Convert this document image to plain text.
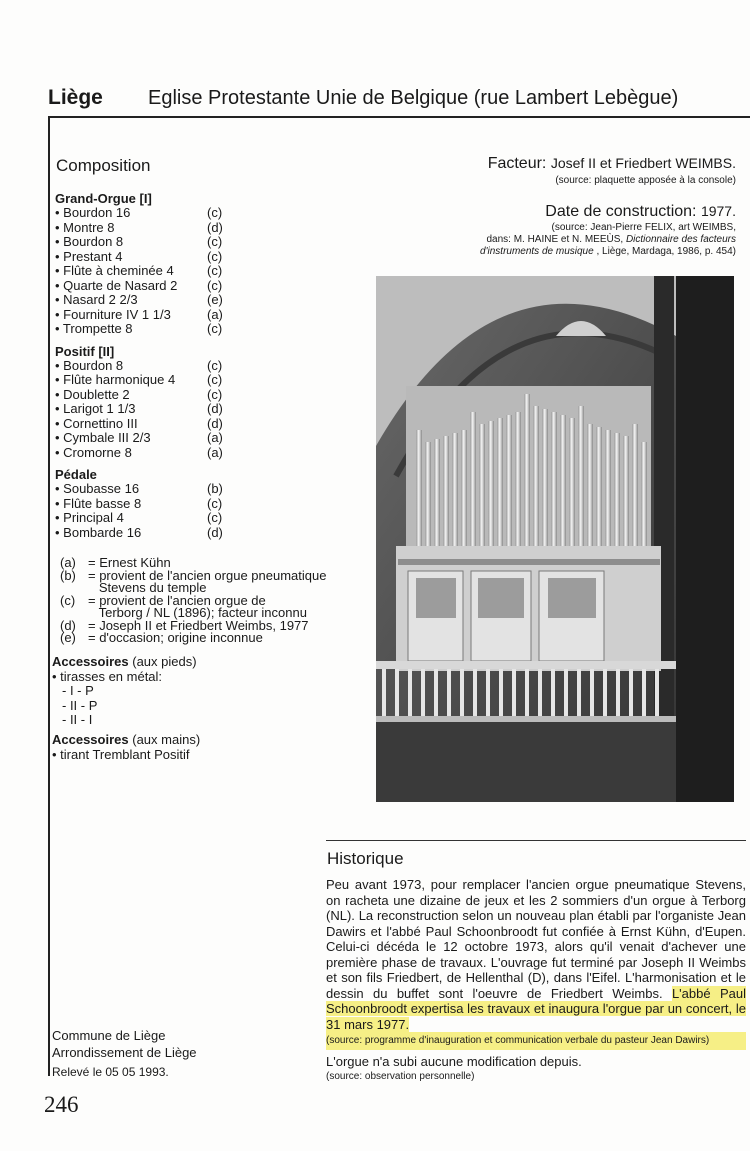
Liège Eglise Protestante Unie de Belgique (rue Lambert Lebègue)
Composition
Grand-Orgue [I]
• Bourdon 16	(c)
• Montre 8	(d)
• Bourdon 8	(c)
• Prestant 4	(c)
• Flûte à cheminée 4	(c)
• Quarte de Nasard 2	(c)
• Nasard 2 2/3	(e)
• Fourniture IV 1 1/3	(a)
• Trompette 8	(c)
Positif [II]
• Bourdon 8	(c)
• Flûte harmonique 4	(c)
• Doublette 2	(c)
• Larigot 1 1/3	(d)
• Cornettino III	(d)
• Cymbale III 2/3	(a)
• Cromorne 8	(a)
Pédale
• Soubasse 16	(b)
• Flûte basse 8	(c)
• Principal 4	(c)
• Bombarde 16	(d)
(a) = Ernest Kühn
(b) = provient de l'ancien orgue pneumatique
Stevens du temple
(c) = provient de l'ancien orgue de
Terborg / NL (1896); facteur inconnu
(d) = Joseph II et Friedbert Weimbs, 1977
(e) = d'occasion; origine inconnue
Accessoires (aux pieds)
• tirasses en métal:
- I - P
- II - P
- II - I
Accessoires (aux mains)
• tirant Tremblant Positif
Facteur: Josef II et Friedbert WEIMBS.
(source: plaquette apposée à la console)
Date de construction: 1977.
(source: Jean-Pierre FELIX, art WEIMBS,
dans: M. HAINE et N. MEEÙS, Dictionnaire des facteurs
d'instruments de musique , Liège, Mardaga, 1986, p. 454)
Historique
Peu avant 1973, pour remplacer l'ancien orgue pneumatique Stevens, on racheta une dizaine de jeux et les 2 sommiers d'un orgue à Terborg (NL). La reconstruction selon un nouveau plan établi par l'organiste Jean Dawirs et l'abbé Paul Schoonbroodt fut confiée à Ernst Kühn, d'Eupen. Celui-ci décéda le 12 octobre 1973, alors qu'il venait d'achever une première phase de travaux. L'ouvrage fut terminé par Joseph II Weimbs et son fils Friedbert, de Hellenthal (D), dans l'Eifel. L'harmonisation et le dessin du buffet sont l'oeuvre de Friedbert Weimbs. L'abbé Paul Schoonbroodt expertisa les travaux et inaugura l'orgue par un concert, le 31 mars 1977.
(source: programme d'inauguration et communication verbale du pasteur Jean Dawirs)
L'orgue n'a subi aucune modification depuis.
(source: observation personnelle)
Commune de Liège
Arrondissement de Liège
Relevé le 05 05 1993.
246
